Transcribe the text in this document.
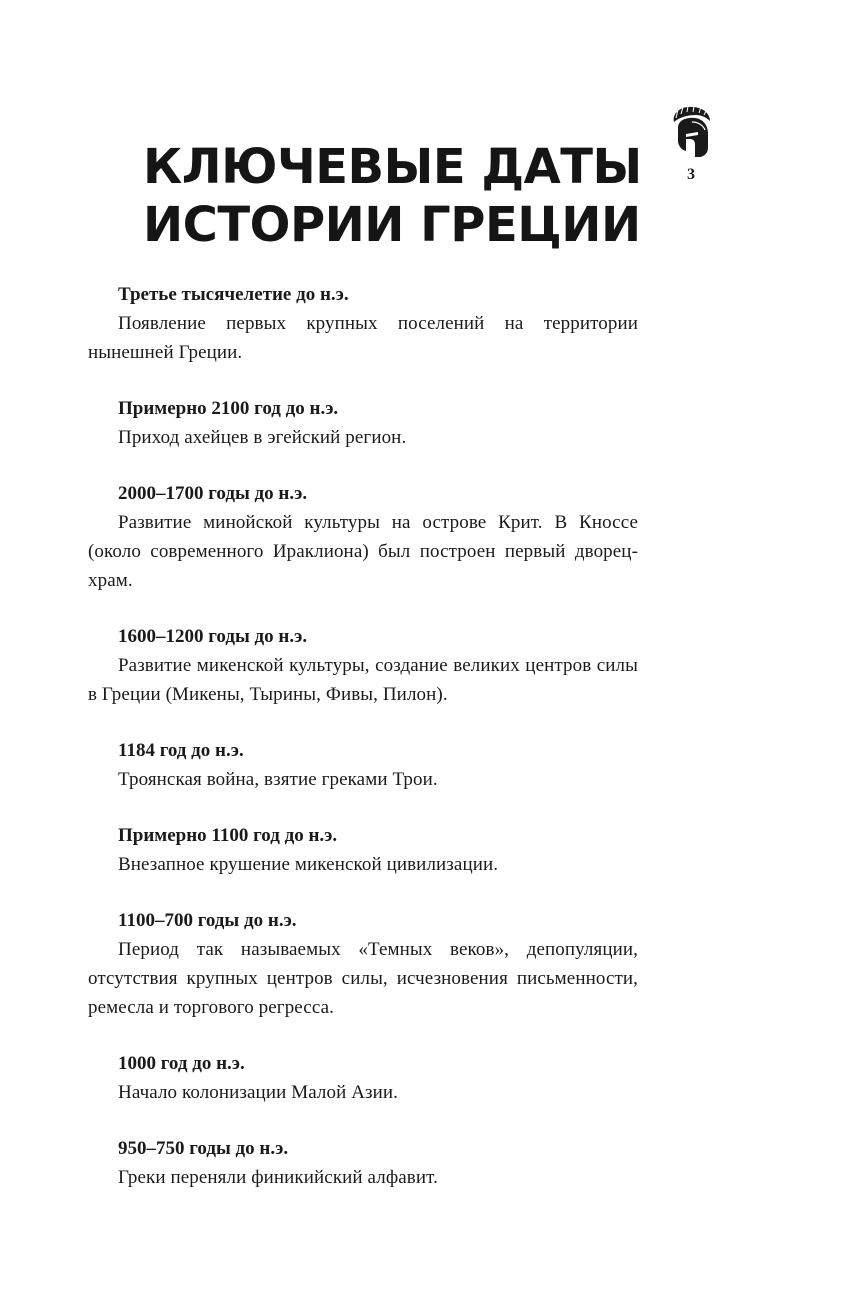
КЛЮЧЕВЫЕ ДАТЫ
ИСТОРИИ ГРЕЦИИ
3

Третье тысячелетие до н.э.

Появление первых крупных поселений на территории нынешней Греции.

Примерно 2100 год до н.э.

Приход ахейцев в эгейский регион.

2000–1700 годы до н.э.

Развитие минойской культуры на острове Крит. В Кноссе (около современного Ираклиона) был построен первый дворец-храм.

1600–1200 годы до н.э.

Развитие микенской культуры, создание великих центров силы в Греции (Микены, Тырины, Фивы, Пилон).

1184 год до н.э.

Троянская война, взятие греками Трои.

Примерно 1100 год до н.э.

Внезапное крушение микенской цивилизации.

1100–700 годы до н.э.

Период так называемых «Темных веков», депопуляции, отсутствия крупных центров силы, исчезновения письменности, ремесла и торгового регресса.

1000 год до н.э.

Начало колонизации Малой Азии.

950–750 годы до н.э.

Греки переняли финикийский алфавит.
